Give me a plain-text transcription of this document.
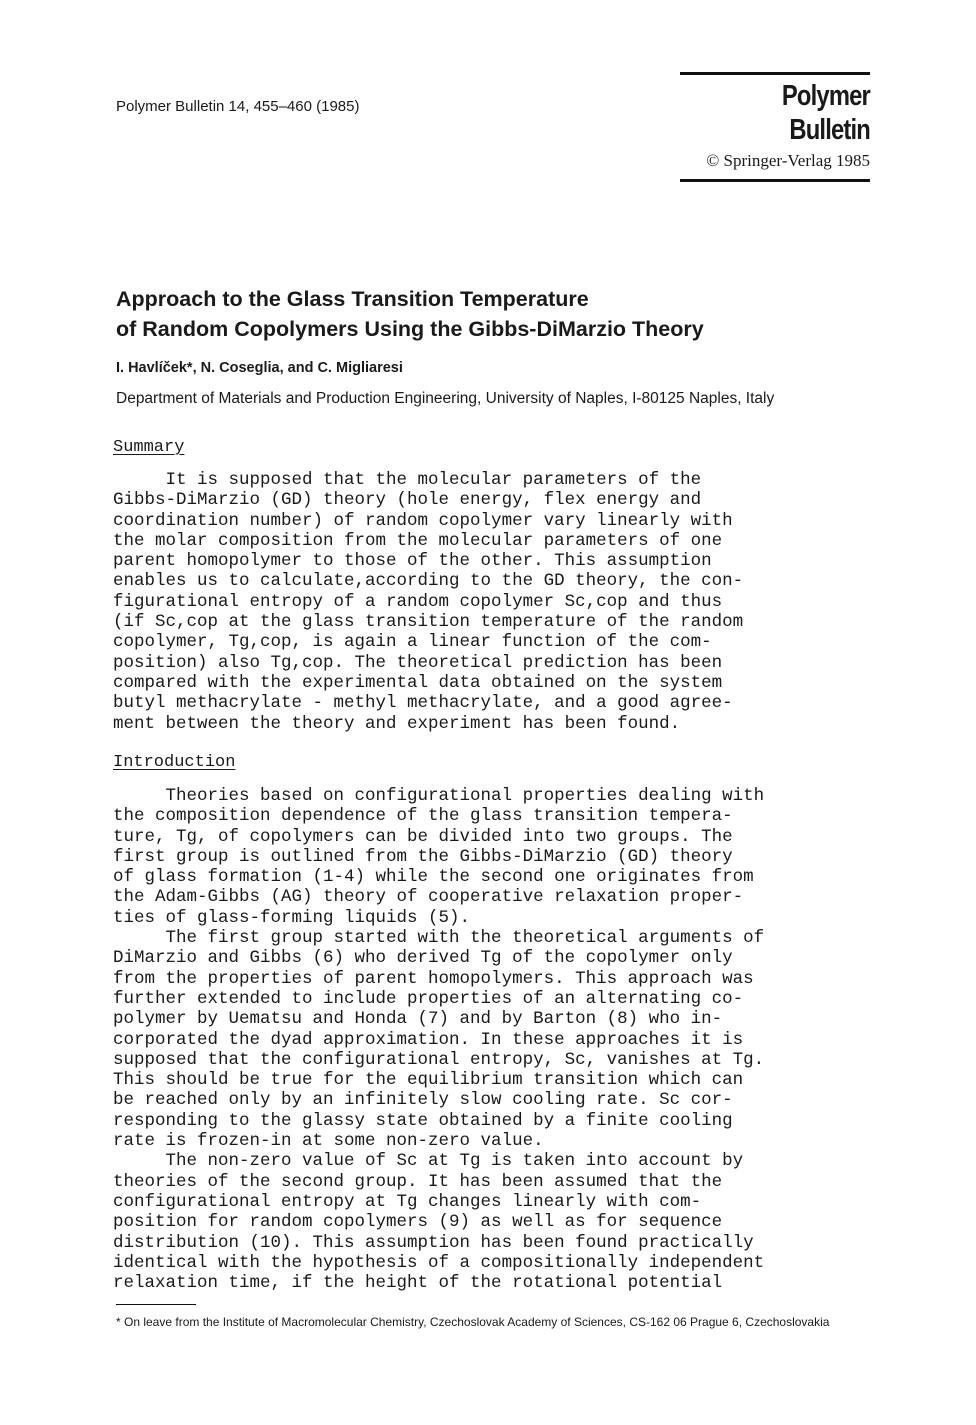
Polymer Bulletin 14, 455–460 (1985)	Polymer Bulletin
© Springer-Verlag 1985
Approach to the Glass Transition Temperature
of Random Copolymers Using the Gibbs-DiMarzio Theory
I. Havlíček*, N. Coseglia, and C. Migliaresi
Department of Materials and Production Engineering, University of Naples, I-80125 Naples, Italy
Summary
It is supposed that the molecular parameters of the
Gibbs-DiMarzio (GD) theory (hole energy, flex energy and
coordination number) of random copolymer vary linearly with
the molar composition from the molecular parameters of one
parent homopolymer to those of the other. This assumption
enables us to calculate,according to the GD theory, the con-
figurational entropy of a random copolymer Sc,cop and thus
(if Sc,cop at the glass transition temperature of the random
copolymer, Tg,cop, is again a linear function of the com-
position) also Tg,cop. The theoretical prediction has been
compared with the experimental data obtained on the system
butyl methacrylate - methyl methacrylate, and a good agree-
ment between the theory and experiment has been found.
Introduction
Theories based on configurational properties dealing with
the composition dependence of the glass transition tempera-
ture, Tg, of copolymers can be divided into two groups. The
first group is outlined from the Gibbs-DiMarzio (GD) theory
of glass formation (1-4) while the second one originates from
the Adam-Gibbs (AG) theory of cooperative relaxation proper-
ties of glass-forming liquids (5).
The first group started with the theoretical arguments of
DiMarzio and Gibbs (6) who derived Tg of the copolymer only
from the properties of parent homopolymers. This approach was
further extended to include properties of an alternating co-
polymer by Uematsu and Honda (7) and by Barton (8) who in-
corporated the dyad approximation. In these approaches it is
supposed that the configurational entropy, Sc, vanishes at Tg.
This should be true for the equilibrium transition which can
be reached only by an infinitely slow cooling rate. Sc cor-
responding to the glassy state obtained by a finite cooling
rate is frozen-in at some non-zero value.
The non-zero value of Sc at Tg is taken into account by
theories of the second group. It has been assumed that the
configurational entropy at Tg changes linearly with com-
position for random copolymers (9) as well as for sequence
distribution (10). This assumption has been found practically
identical with the hypothesis of a compositionally independent
relaxation time, if the height of the rotational potential
* On leave from the Institute of Macromolecular Chemistry, Czechoslovak Academy of Sciences, CS-162 06 Prague 6, Czechoslovakia
